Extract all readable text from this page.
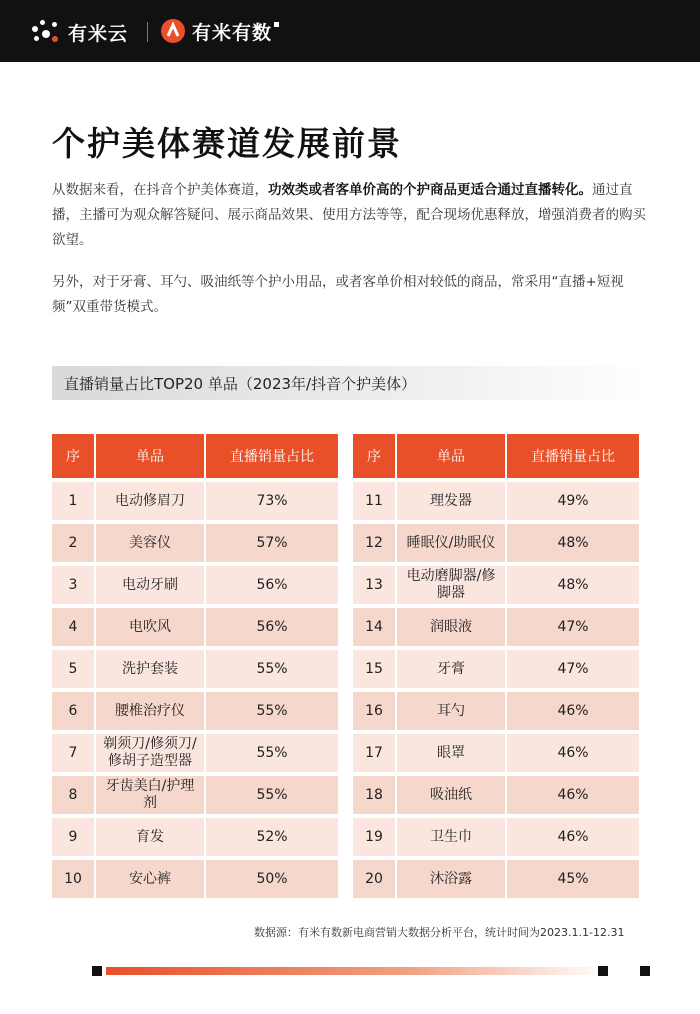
有米云	有米有数
个护美体赛道发展前景
从数据来看，在抖音个护美体赛道，功效类或者客单价高的个护商品更适合通过直播转化。通过直播，主播可为观众解答疑问、展示商品效果、使用方法等等，配合现场优惠释放，增强消费者的购买欲望。
另外，对于牙膏、耳勺、吸油纸等个护小用品，或者客单价相对较低的商品，常采用“直播+短视频”双重带货模式。
直播销量占比TOP20 单品（2023年/抖音个护美体）
序	单品	直播销量占比
1	电动修眉刀	73%
2	美容仪	57%
3	电动牙刷	56%
4	电吹风	56%
5	洗护套装	55%
6	腰椎治疗仪	55%
7	剃须刀/修须刀/修胡子造型器	55%
8	牙齿美白/护理剂	55%
9	育发	52%
10	安心裤	50%
序	单品	直播销量占比
11	理发器	49%
12	睡眠仪/助眠仪	48%
13	电动磨脚器/修脚器	48%
14	润眼液	47%
15	牙膏	47%
16	耳勺	46%
17	眼罩	46%
18	吸油纸	46%
19	卫生巾	46%
20	沐浴露	45%
数据源：有米有数新电商营销大数据分析平台，统计时间为2023.1.1-12.31
